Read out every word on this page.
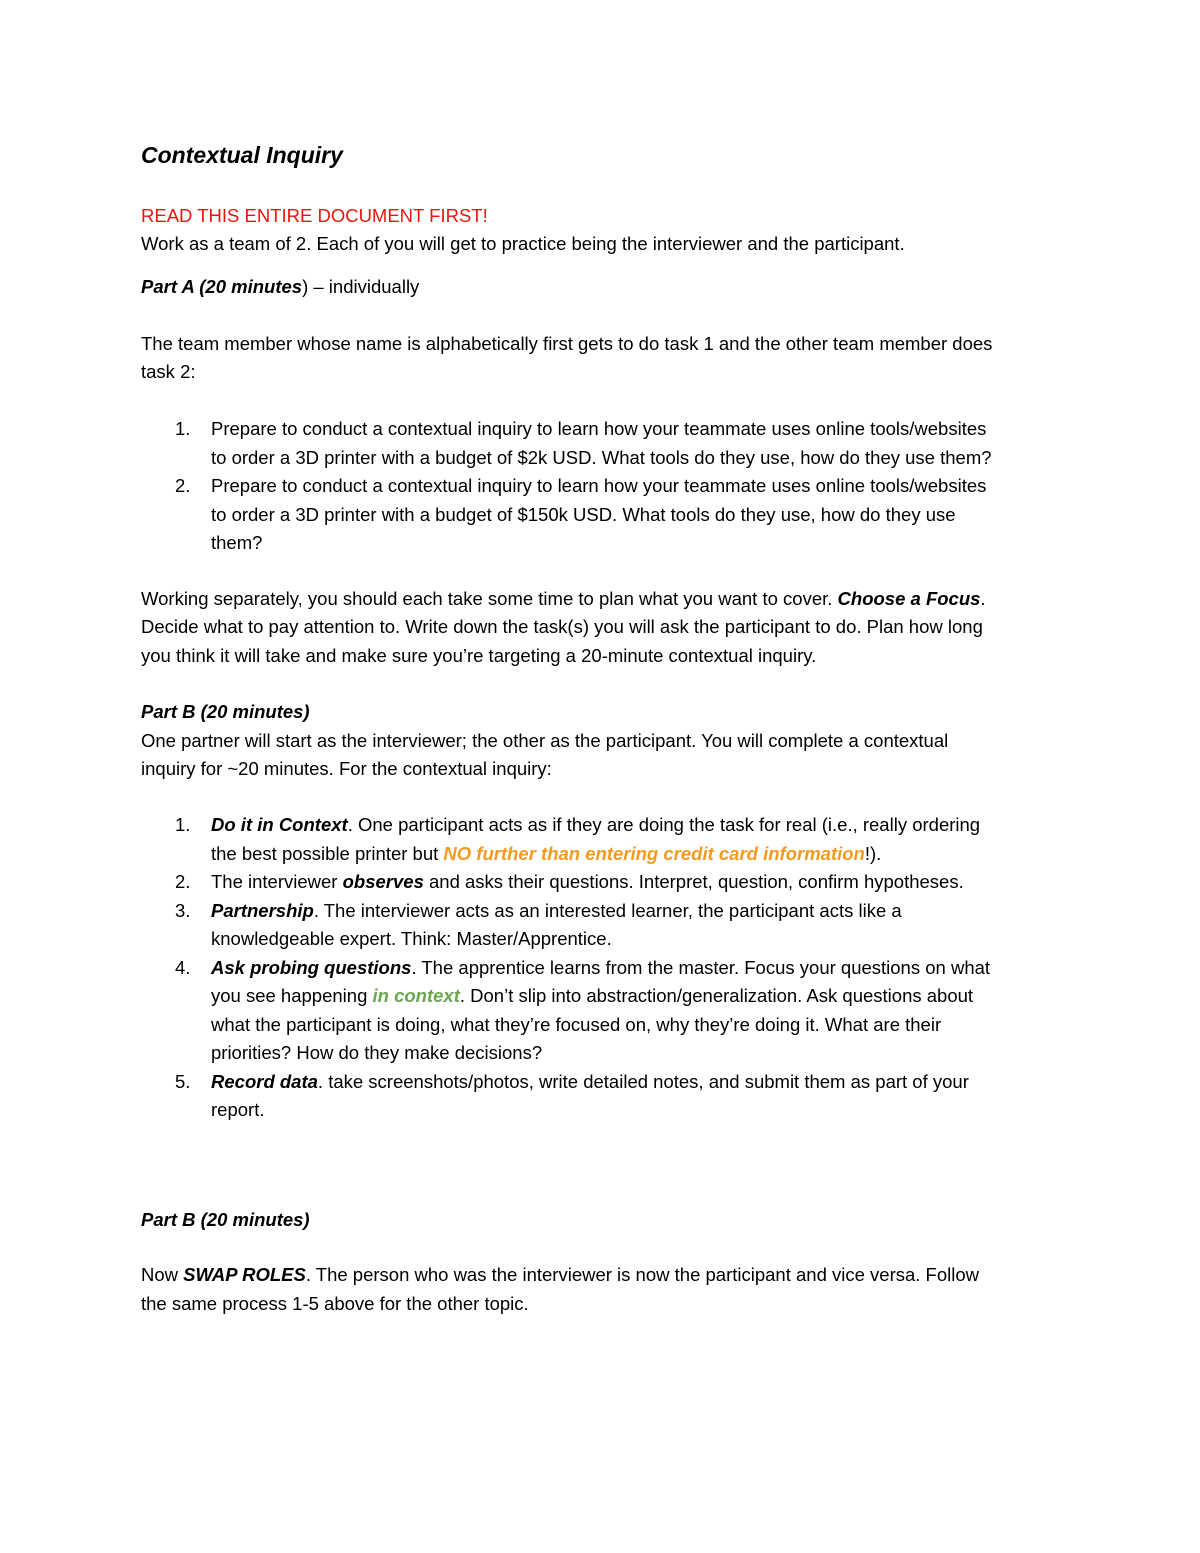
Contextual Inquiry
READ THIS ENTIRE DOCUMENT FIRST!
Work as a team of 2. Each of you will get to practice being the interviewer and the participant.
Part A (20 minutes) – individually
The team member whose name is alphabetically first gets to do task 1 and the other team member does
task 2:
1. Prepare to conduct a contextual inquiry to learn how your teammate uses online tools/websites
to order a 3D printer with a budget of $2k USD. What tools do they use, how do they use them?
2. Prepare to conduct a contextual inquiry to learn how your teammate uses online tools/websites
to order a 3D printer with a budget of $150k USD. What tools do they use, how do they use
them?
Working separately, you should each take some time to plan what you want to cover. Choose a Focus.
Decide what to pay attention to. Write down the task(s) you will ask the participant to do. Plan how long
you think it will take and make sure you’re targeting a 20-minute contextual inquiry.
Part B (20 minutes)
One partner will start as the interviewer; the other as the participant. You will complete a contextual
inquiry for ~20 minutes. For the contextual inquiry:
1. Do it in Context. One participant acts as if they are doing the task for real (i.e., really ordering
the best possible printer but NO further than entering credit card information!).
2. The interviewer observes and asks their questions. Interpret, question, confirm hypotheses.
3. Partnership. The interviewer acts as an interested learner, the participant acts like a
knowledgeable expert. Think: Master/Apprentice.
4. Ask probing questions. The apprentice learns from the master. Focus your questions on what
you see happening in context. Don’t slip into abstraction/generalization. Ask questions about
what the participant is doing, what they’re focused on, why they’re doing it. What are their
priorities? How do they make decisions?
5. Record data. take screenshots/photos, write detailed notes, and submit them as part of your
report.
Part B (20 minutes)
Now SWAP ROLES. The person who was the interviewer is now the participant and vice versa. Follow
the same process 1-5 above for the other topic.
